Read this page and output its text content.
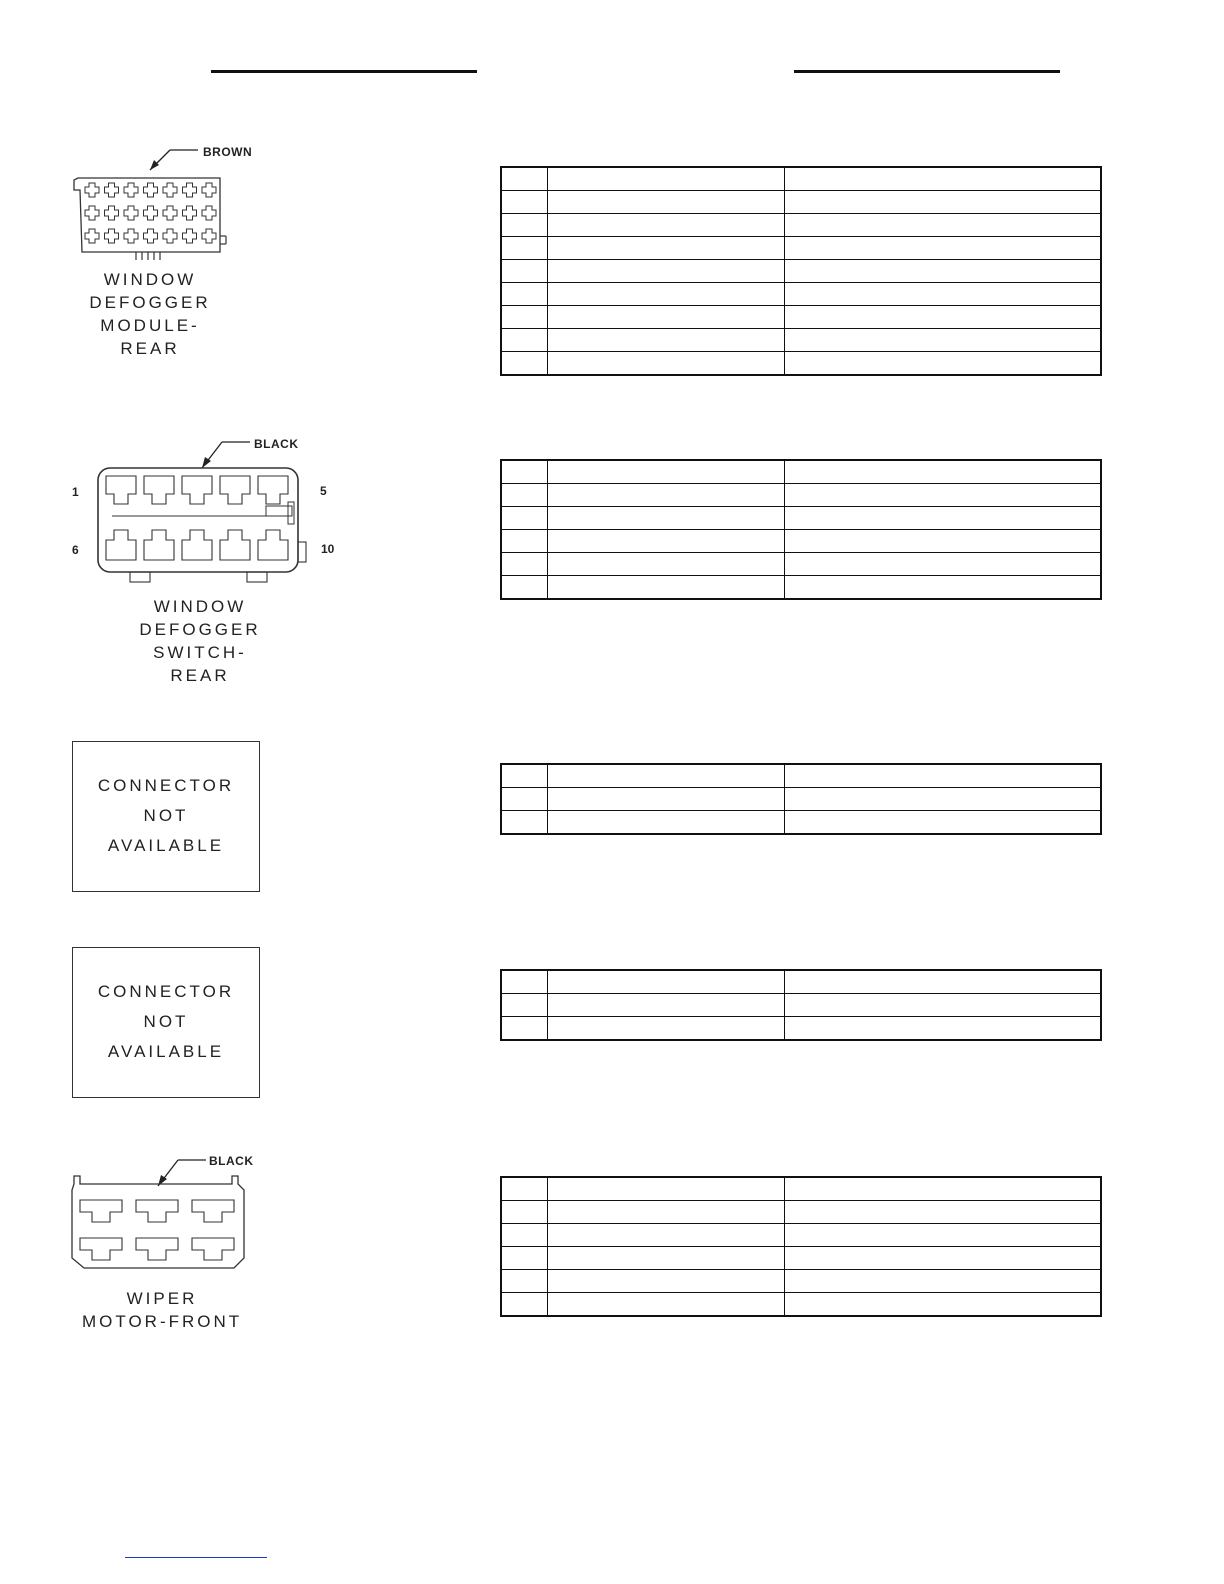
BROWN
WINDOW
DEFOGGER
MODULE-
REAR

BLACK
1	5
6	10
WINDOW
DEFOGGER
SWITCH-
REAR

CONNECTOR
NOT
AVAILABLE

CONNECTOR
NOT
AVAILABLE

BLACK
WIPER
MOTOR-FRONT
